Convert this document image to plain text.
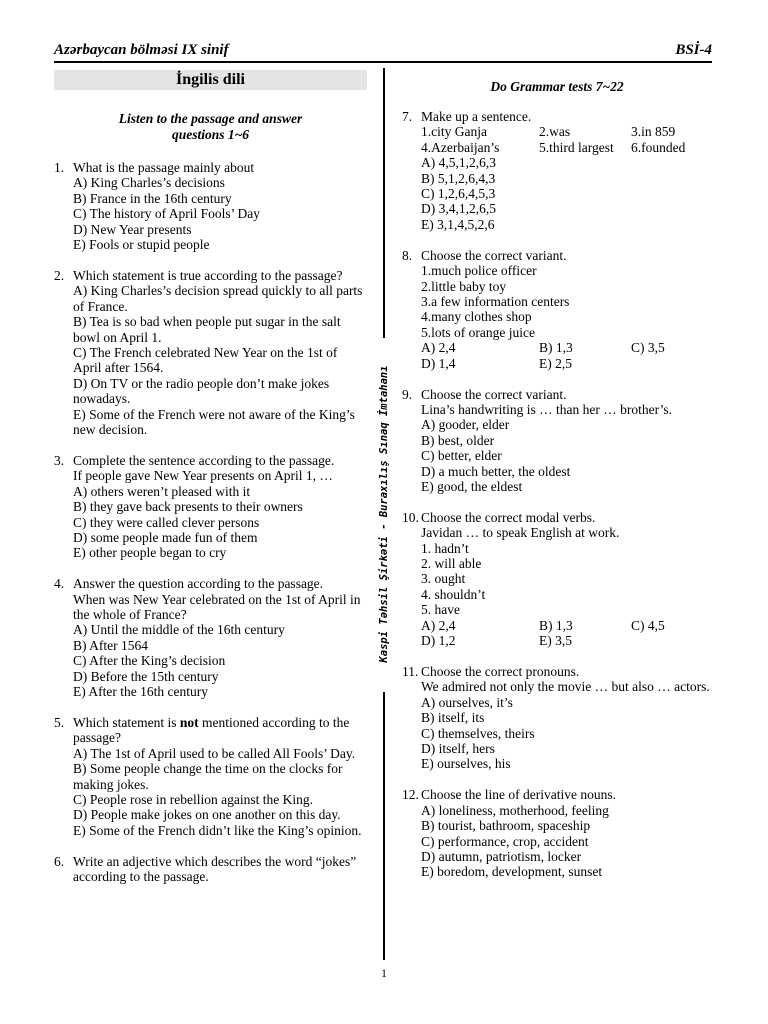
Azərbaycan bölməsi IX sinif	BSİ-4
Kaspi Təhsil Şirkəti - Buraxılış Sınaq İmtahanı
İngilis dili
Listen to the passage and answer
questions 1~6
1. What is the passage mainly about
A) King Charles’s decisions
B) France in the 16th century
C) The history of April Fools’ Day
D) New Year presents
E) Fools or stupid people
2. Which statement is true according to the passage?
A) King Charles’s decision spread quickly to all parts of France.
B) Tea is so bad when people put sugar in the salt bowl on April 1.
C) The French celebrated New Year on the 1st of April after 1564.
D) On TV or the radio people don’t make jokes nowadays.
E) Some of the French were not aware of the King’s new decision.
3. Complete the sentence according to the passage.
If people gave New Year presents on April 1, …
A) others weren’t pleased with it
B) they gave back presents to their owners
C) they were called clever persons
D) some people made fun of them
E) other people began to cry
4. Answer the question according to the passage.
When was New Year celebrated on the 1st of April in the whole of France?
A) Until the middle of the 16th century
B) After 1564
C) After the King’s decision
D) Before the 15th century
E) After the 16th century
5. Which statement is not mentioned according to the passage?
A) The 1st of April used to be called All Fools’ Day.
B) Some people change the time on the clocks for making jokes.
C) People rose in rebellion against the King.
D) People make jokes on one another on this day.
E) Some of the French didn’t like the King’s opinion.
6. Write an adjective which describes the word “jokes” according to the passage.
Do Grammar tests 7~22
7. Make up a sentence.
1.city Ganja	2.was	3.in 859
4.Azerbaijan’s	5.third largest	6.founded
A) 4,5,1,2,6,3
B) 5,1,2,6,4,3
C) 1,2,6,4,5,3
D) 3,4,1,2,6,5
E) 3,1,4,5,2,6
8. Choose the correct variant.
1.much police officer
2.little baby toy
3.a few information centers
4.many clothes shop
5.lots of orange juice
A) 2,4	B) 1,3	C) 3,5
D) 1,4	E) 2,5
9. Choose the correct variant.
Lina’s handwriting is … than her … brother’s.
A) gooder, elder
B) best, older
C) better, elder
D) a much better, the oldest
E) good, the eldest
10. Choose the correct modal verbs.
Javidan … to speak English at work.
1. hadn’t
2. will able
3. ought
4. shouldn’t
5. have
A) 2,4	B) 1,3	C) 4,5
D) 1,2	E) 3,5
11. Choose the correct pronouns.
We admired not only the movie … but also … actors.
A) ourselves, it’s
B) itself, its
C) themselves, theirs
D) itself, hers
E) ourselves, his
12. Choose the line of derivative nouns.
A) loneliness, motherhood, feeling
B) tourist, bathroom, spaceship
C) performance, crop, accident
D) autumn, patriotism, locker
E) boredom, development, sunset
1
